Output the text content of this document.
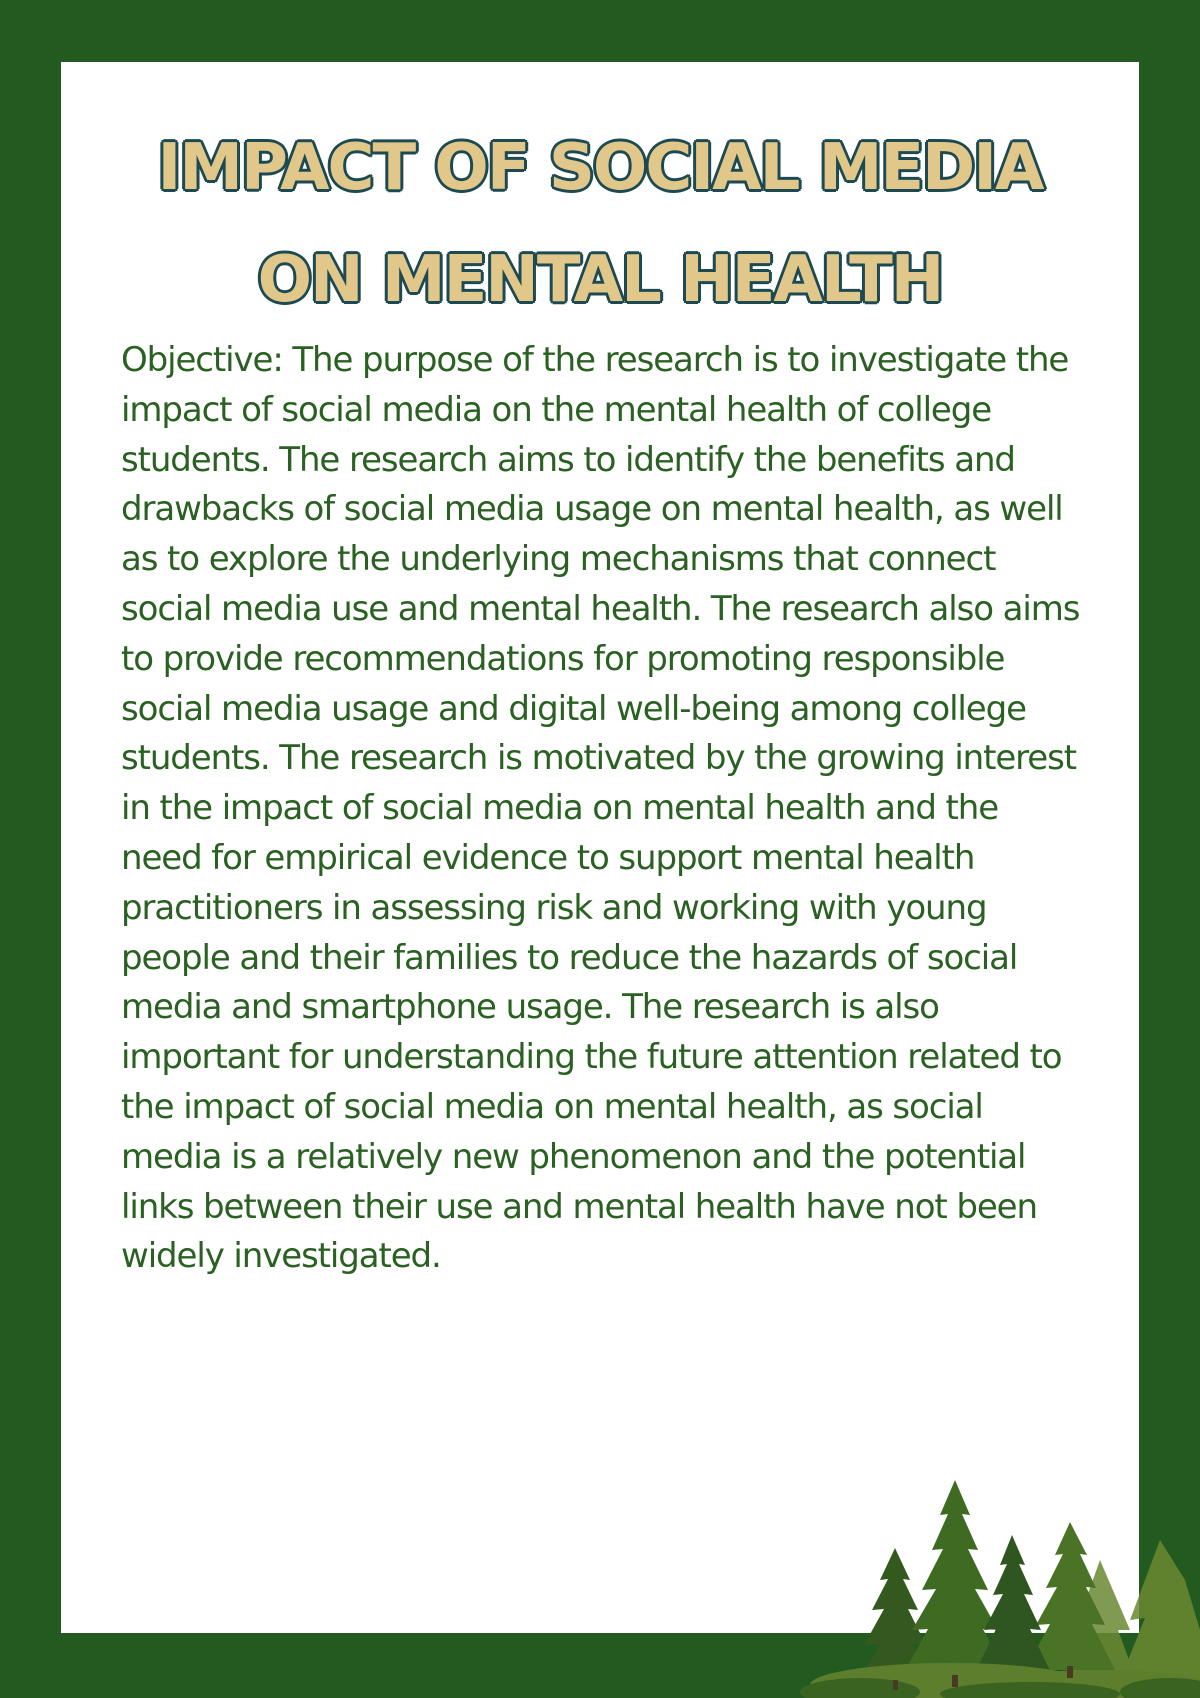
IMPACT OF SOCIAL MEDIA
ON MENTAL HEALTH

Objective: The purpose of the research is to investigate the impact of social media on the mental health of college students. The research aims to identify the benefits and drawbacks of social media usage on mental health, as well as to explore the underlying mechanisms that connect social media use and mental health. The research also aims to provide recommendations for promoting responsible social media usage and digital well-being among college students. The research is motivated by the growing interest in the impact of social media on mental health and the need for empirical evidence to support mental health practitioners in assessing risk and working with young people and their families to reduce the hazards of social media and smartphone usage. The research is also important for understanding the future attention related to the impact of social media on mental health, as social media is a relatively new phenomenon and the potential links between their use and mental health have not been widely investigated.
